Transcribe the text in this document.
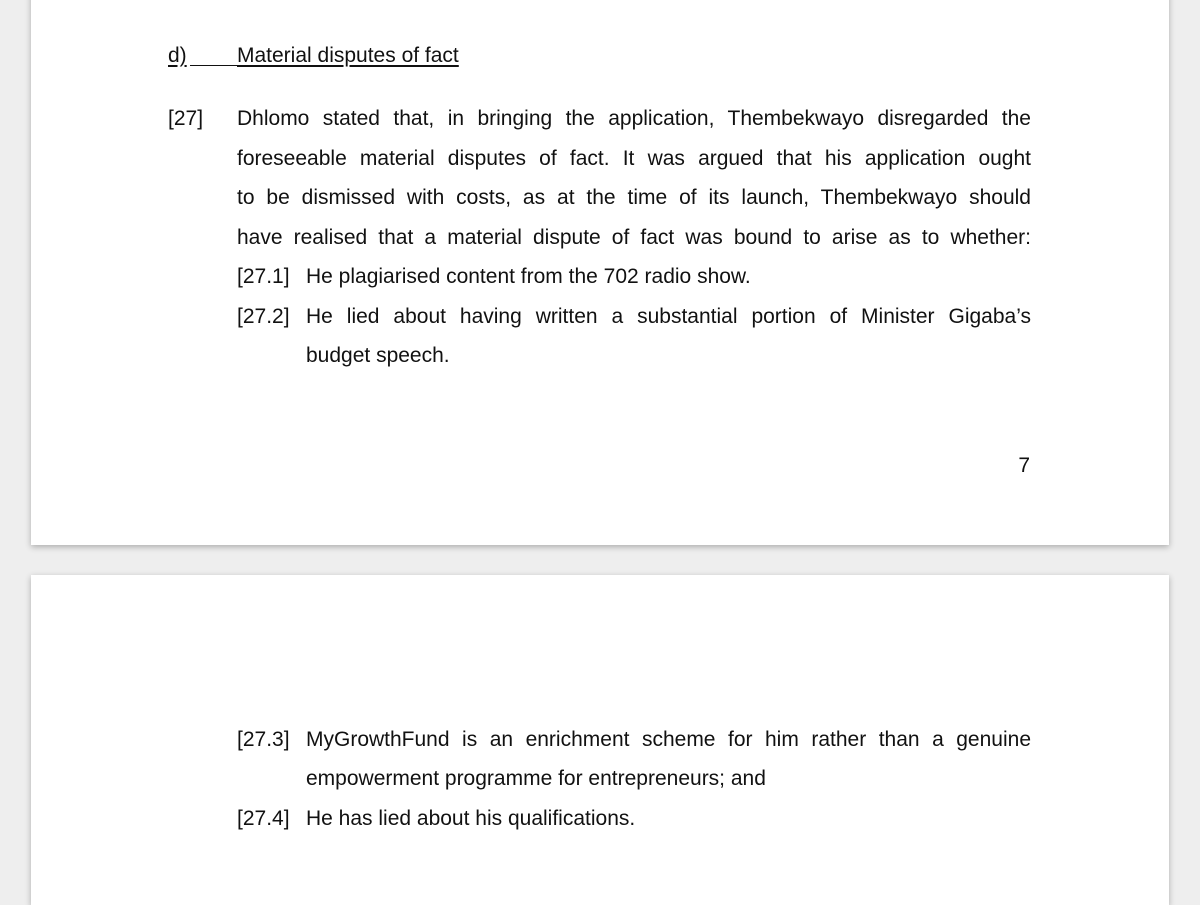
d) Material disputes of fact
[27] Dhlomo stated that, in bringing the application, Thembekwayo disregarded the
foreseeable material disputes of fact. It was argued that his application ought
to be dismissed with costs, as at the time of its launch, Thembekwayo should
have realised that a material dispute of fact was bound to arise as to whether:
[27.1] He plagiarised content from the 702 radio show.
[27.2] He lied about having written a substantial portion of Minister Gigaba’s
budget speech.
7
[27.3] MyGrowthFund is an enrichment scheme for him rather than a genuine
empowerment programme for entrepreneurs; and
[27.4] He has lied about his qualifications.
